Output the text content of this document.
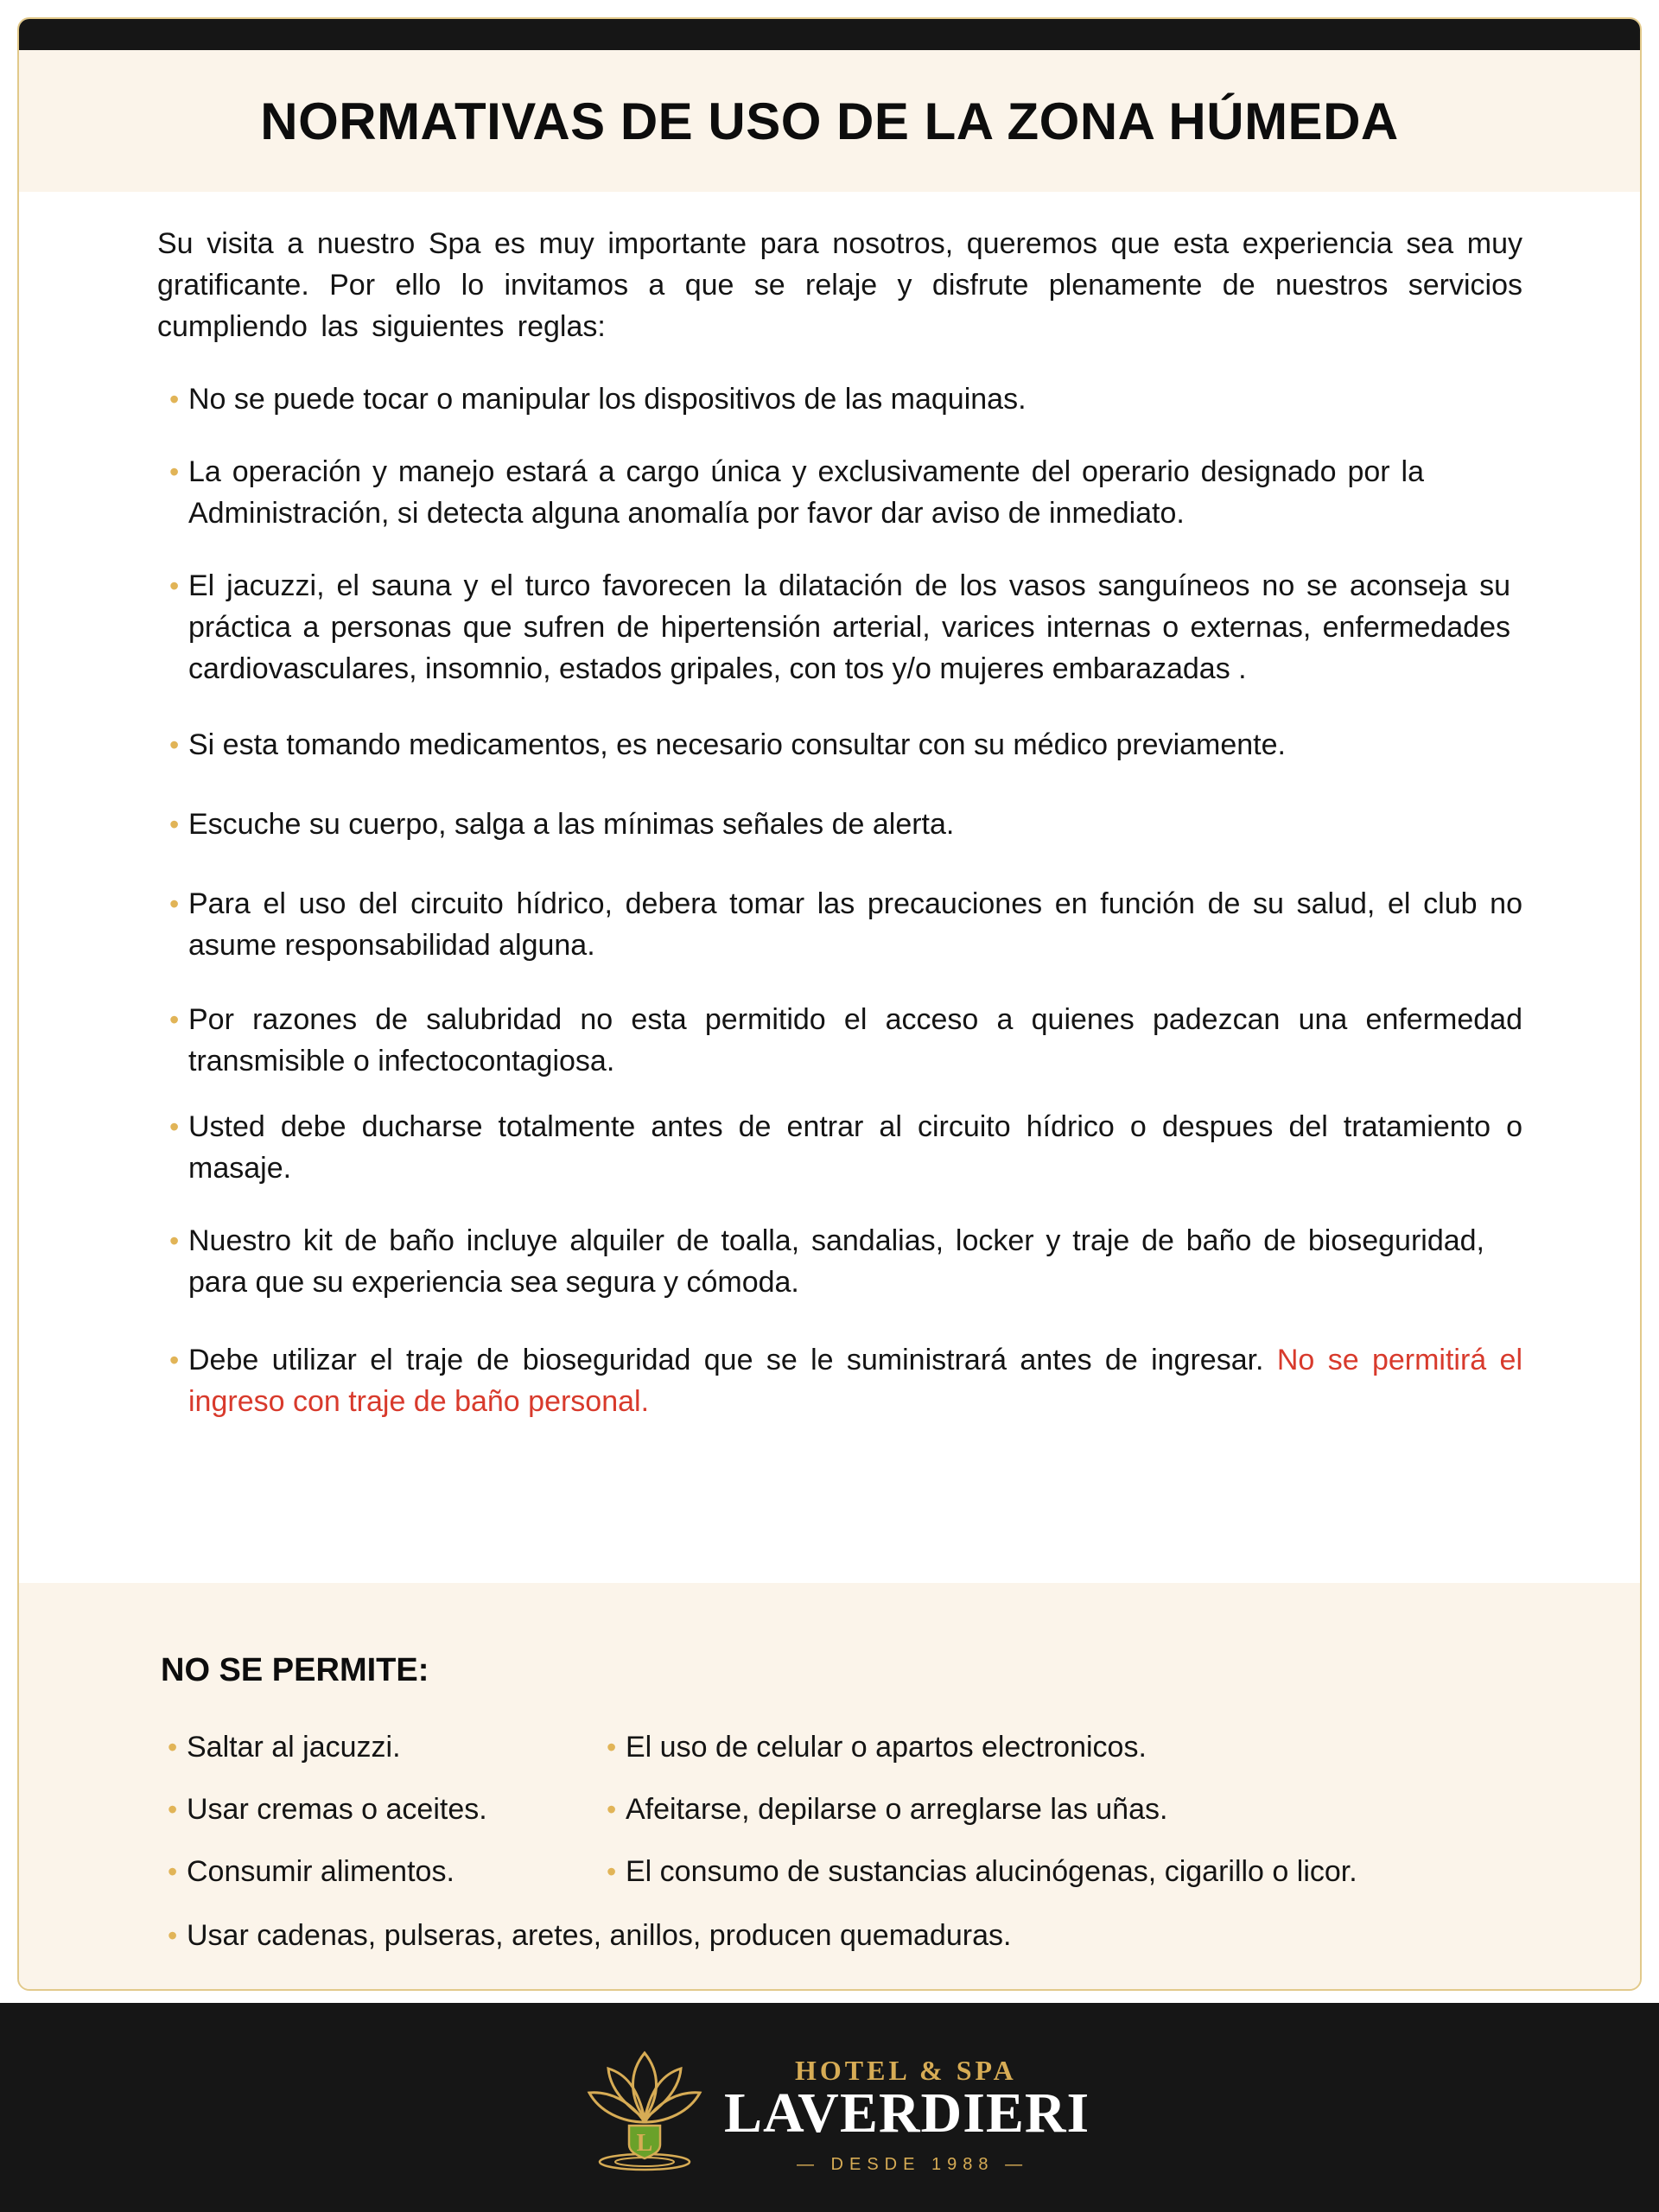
NORMATIVAS DE USO DE LA ZONA HÚMEDA

Su visita a nuestro Spa es muy importante para nosotros, queremos que esta experiencia sea muy gratificante. Por ello lo invitamos a que se relaje y disfrute plenamente de nuestros servicios cumpliendo las siguientes reglas:

• No se puede tocar o manipular los dispositivos de las maquinas.
• La operación y manejo estará a cargo única y exclusivamente del operario designado por la Administración, si detecta alguna anomalía por favor dar aviso de inmediato.
• El jacuzzi, el sauna y el turco favorecen la dilatación de los vasos sanguíneos no se aconseja su práctica a personas que sufren de hipertensión arterial, varices internas o externas, enfermedades cardiovasculares, insomnio, estados gripales, con tos y/o mujeres embarazadas .
• Si esta tomando medicamentos, es necesario consultar con su médico previamente.
• Escuche su cuerpo, salga a las mínimas señales de alerta.
• Para el uso del circuito hídrico, debera tomar las precauciones en función de su salud, el club no asume responsabilidad alguna.
• Por razones de salubridad no esta permitido el acceso a quienes padezcan una enfermedad transmisible o infectocontagiosa.
• Usted debe ducharse totalmente antes de entrar al circuito hídrico o despues del tratamiento o masaje.
• Nuestro kit de baño incluye alquiler de toalla, sandalias, locker y traje de baño de bioseguridad, para que su experiencia sea segura y cómoda.
• Debe utilizar el traje de bioseguridad que se le suministrará antes de ingresar. No se permitirá el ingreso con traje de baño personal.
NO SE PERMITE:
• Saltar al jacuzzi.
• Usar cremas o aceites.
• Consumir alimentos.
• El uso de celular o apartos electronicos.
• Afeitarse, depilarse o arreglarse las uñas.
• El consumo de sustancias alucinógenas, cigarillo o licor.
• Usar cadenas, pulseras, aretes, anillos, producen quemaduras.
L
HOTEL & SPA
LAVERDIERI
— DESDE 1988 —
